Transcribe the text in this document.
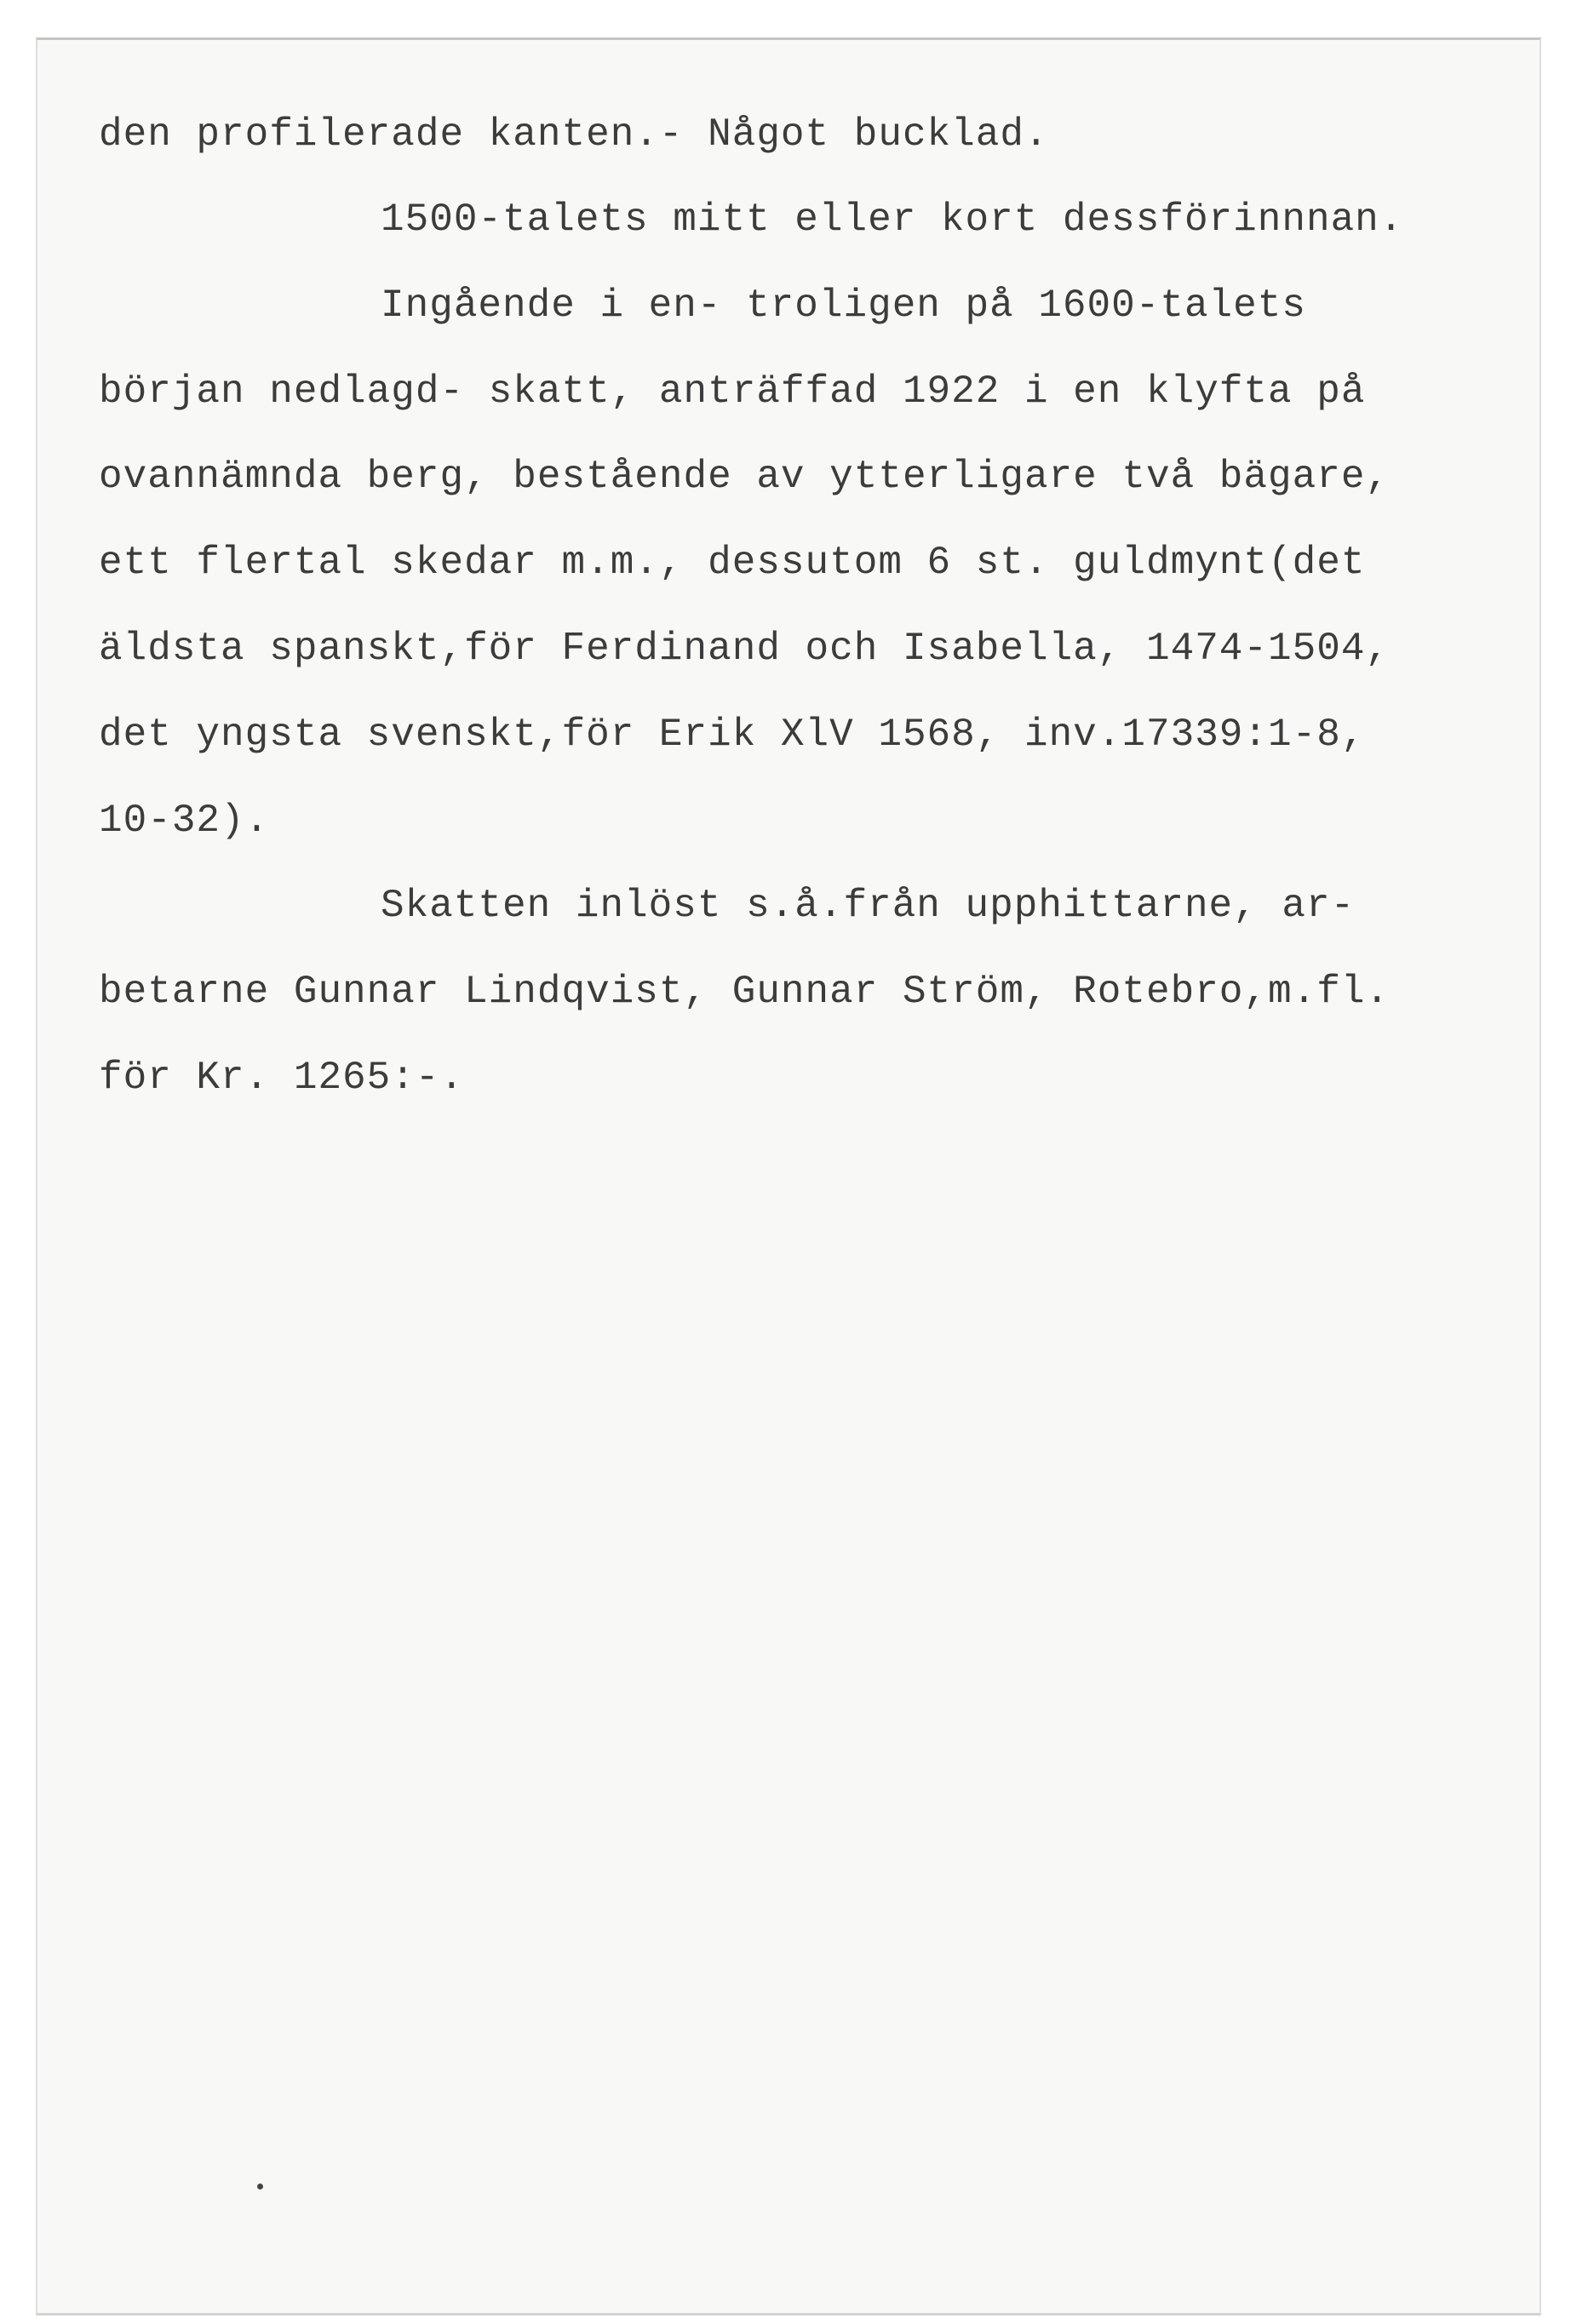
den profilerade kanten.- Något bucklad.
1500-talets mitt eller kort dessförinnnan.
Ingående i en- troligen på 1600-talets
början nedlagd- skatt, anträffad 1922 i en klyfta på
ovannämnda berg, bestående av ytterligare två bägare,
ett flertal skedar m.m., dessutom 6 st. guldmynt(det
äldsta spanskt,för Ferdinand och Isabella, 1474-1504,
det yngsta svenskt,för Erik XlV 1568, inv.17339:1-8,
10-32).
Skatten inlöst s.å.från upphittarne, ar-
betarne Gunnar Lindqvist, Gunnar Ström, Rotebro,m.fl.
för Kr. 1265:-.
